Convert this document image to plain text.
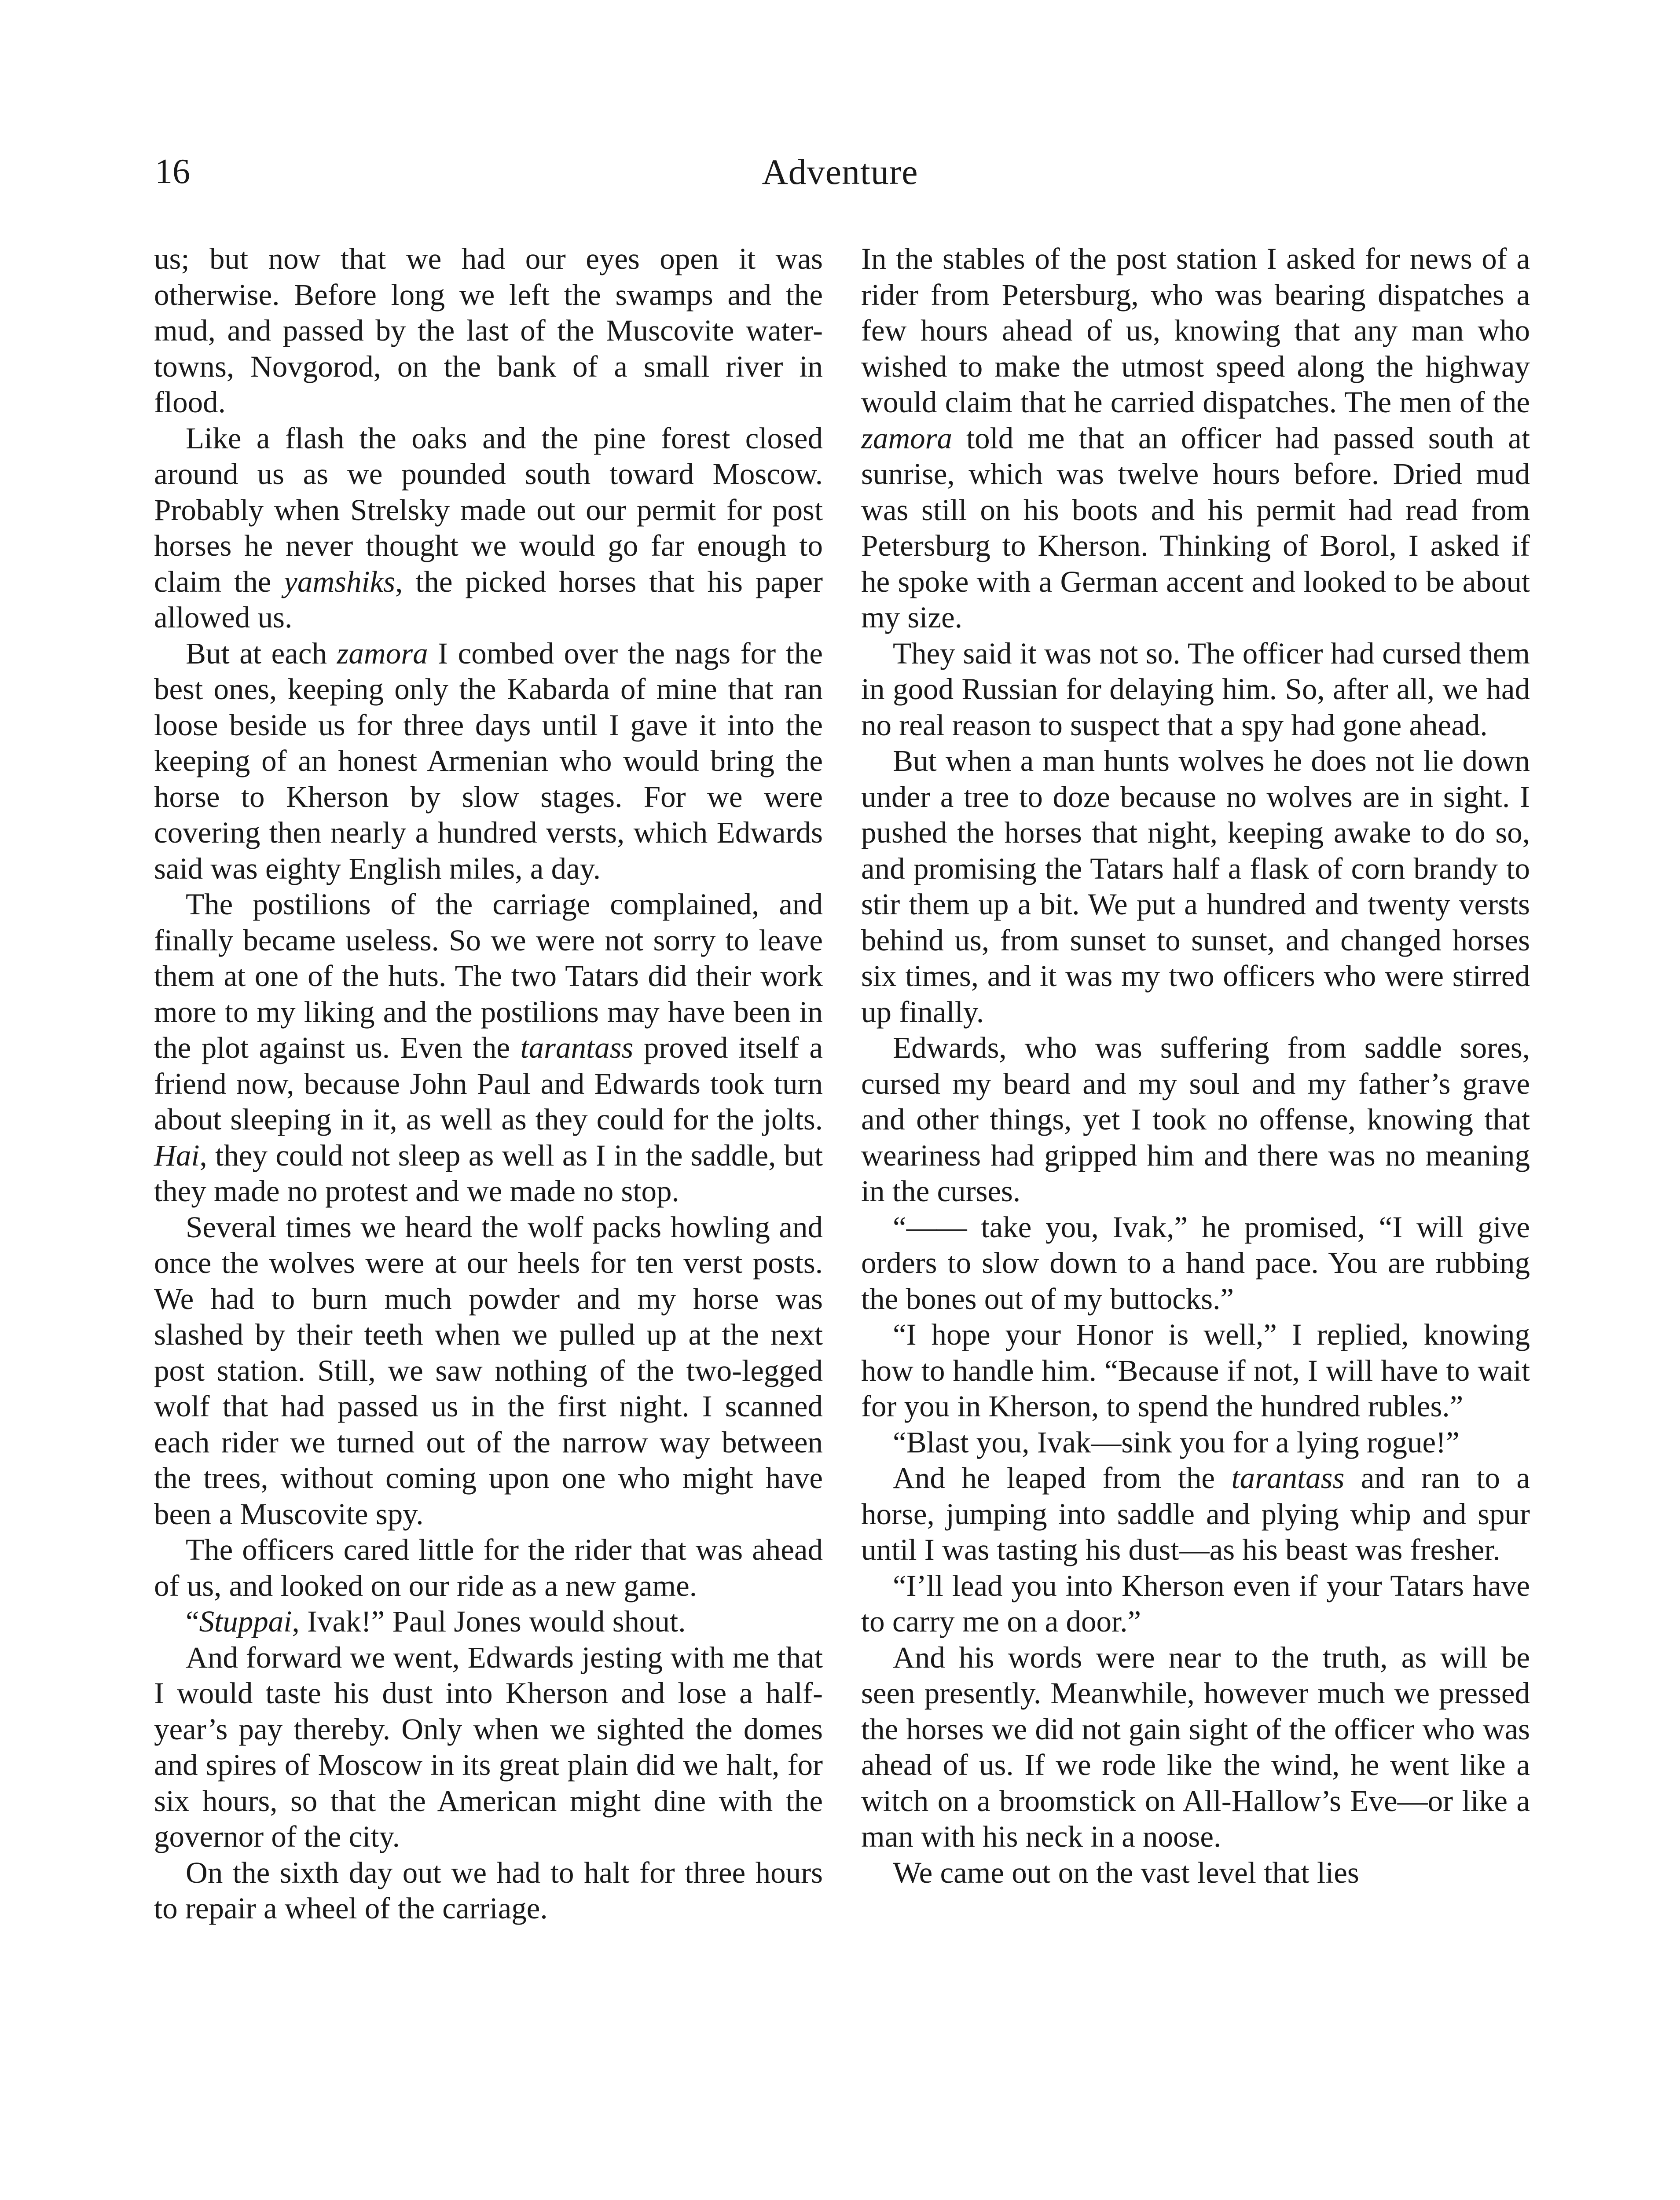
16	Adventure

us; but now that we had our eyes open it was otherwise. Before long we left the swamps and the mud, and passed by the last of the Muscovite water-towns, Novgorod, on the bank of a small river in flood.

Like a flash the oaks and the pine forest closed around us as we pounded south toward Moscow. Probably when Strelsky made out our permit for post horses he never thought we would go far enough to claim the yamshiks, the picked horses that his paper allowed us.

But at each zamora I combed over the nags for the best ones, keeping only the Kabarda of mine that ran loose beside us for three days until I gave it into the keeping of an honest Armenian who would bring the horse to Kherson by slow stages. For we were covering then nearly a hundred versts, which Edwards said was eighty English miles, a day.

The postilions of the carriage complained, and finally became useless. So we were not sorry to leave them at one of the huts. The two Tatars did their work more to my liking and the postilions may have been in the plot against us. Even the tarantass proved itself a friend now, because John Paul and Edwards took turn about sleeping in it, as well as they could for the jolts. Hai, they could not sleep as well as I in the saddle, but they made no protest and we made no stop.

Several times we heard the wolf packs howling and once the wolves were at our heels for ten verst posts. We had to burn much powder and my horse was slashed by their teeth when we pulled up at the next post station. Still, we saw nothing of the two-legged wolf that had passed us in the first night. I scanned each rider we turned out of the narrow way between the trees, without coming upon one who might have been a Muscovite spy.

The officers cared little for the rider that was ahead of us, and looked on our ride as a new game.

“Stuppai, Ivak!” Paul Jones would shout.

And forward we went, Edwards jesting with me that I would taste his dust into Kherson and lose a half-year’s pay thereby. Only when we sighted the domes and spires of Moscow in its great plain did we halt, for six hours, so that the American might dine with the governor of the city.

On the sixth day out we had to halt for three hours to repair a wheel of the carriage.

In the stables of the post station I asked for news of a rider from Petersburg, who was bearing dispatches a few hours ahead of us, knowing that any man who wished to make the utmost speed along the highway would claim that he carried dispatches. The men of the zamora told me that an officer had passed south at sunrise, which was twelve hours before. Dried mud was still on his boots and his permit had read from Petersburg to Kherson. Thinking of Borol, I asked if he spoke with a German accent and looked to be about my size.

They said it was not so. The officer had cursed them in good Russian for delaying him. So, after all, we had no real reason to suspect that a spy had gone ahead.

But when a man hunts wolves he does not lie down under a tree to doze because no wolves are in sight. I pushed the horses that night, keeping awake to do so, and promising the Tatars half a flask of corn brandy to stir them up a bit. We put a hundred and twenty versts behind us, from sunset to sunset, and changed horses six times, and it was my two officers who were stirred up finally.

Edwards, who was suffering from saddle sores, cursed my beard and my soul and my father’s grave and other things, yet I took no offense, knowing that weariness had gripped him and there was no meaning in the curses.

“—— take you, Ivak,” he promised, “I will give orders to slow down to a hand pace. You are rubbing the bones out of my buttocks.”

“I hope your Honor is well,” I replied, knowing how to handle him. “Because if not, I will have to wait for you in Kherson, to spend the hundred rubles.”

“Blast you, Ivak—sink you for a lying rogue!”

And he leaped from the tarantass and ran to a horse, jumping into saddle and plying whip and spur until I was tasting his dust—as his beast was fresher.

“I’ll lead you into Kherson even if your Tatars have to carry me on a door.”

And his words were near to the truth, as will be seen presently. Meanwhile, however much we pressed the horses we did not gain sight of the officer who was ahead of us. If we rode like the wind, he went like a witch on a broomstick on All-Hallow’s Eve—or like a man with his neck in a noose.

We came out on the vast level that lies
